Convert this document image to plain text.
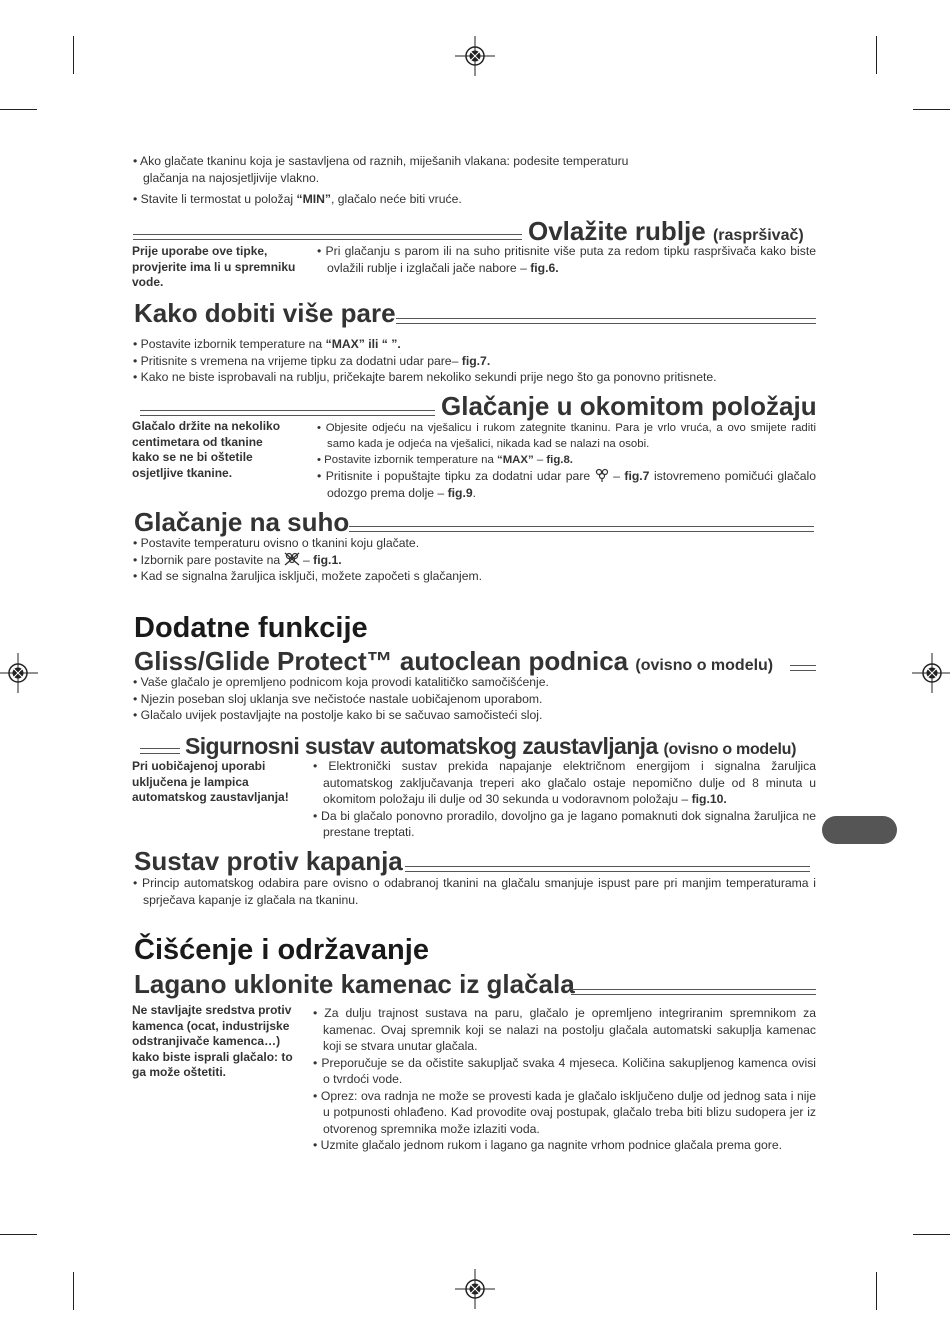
• Ako glačate tkaninu koja je sastavljena od raznih, miješanih vlakana: podesite temperaturu glačanja na najosjetljivije vlakno.

• Stavite li termostat u položaj “MIN”, glačalo neće biti vruće.

Ovlažite rublje (raspršivač)
Prije uporabe ove tipke, provjerite ima li u spremniku vode.

• Pri glačanju s parom ili na suho pritisnite više puta za redom tipku raspršivača kako biste ovlažili rublje i izglačali jače nabore – fig.6.

Kako dobiti više pare

• Postavite izbornik temperature na “MAX” ili “ ”.

• Pritisnite s vremena na vrijeme tipku za dodatni udar pare– fig.7.

• Kako ne biste isprobavali na rublju, pričekajte barem nekoliko sekundi prije nego što ga ponovno pritisnete.

Glačanje u okomitom položaju
Glačalo držite na nekoliko centimetara od tkanine kako se ne bi oštetile osjetljive tkanine.

• Objesite odjeću na vješalicu i rukom zategnite tkaninu. Para je vrlo vruća, a ovo smijete raditi samo kada je odjeća na vješalici, nikada kad se nalazi na osobi.

• Postavite izbornik temperature na “MAX” – fig.8.

• Pritisnite i popuštajte tipku za dodatni udar pare  – fig.7 istovremeno pomičući glačalo odozgo prema dolje – fig.9.

Glačanje na suho

• Postavite temperaturu ovisno o tkanini koju glačate.

• Izbornik pare postavite na  – fig.1.

• Kad se signalna žaruljica isključi, možete započeti s glačanjem.

Dodatne funkcije
Gliss/Glide Protect™ autoclean podnica (ovisno o modelu)

• Vaše glačalo je opremljeno podnicom koja provodi katalitičko samočišćenje.

• Njezin poseban sloj uklanja sve nečistoće nastale uobičajenom uporabom.

• Glačalo uvijek postavljajte na postolje kako bi se sačuvao samočisteći sloj.

Sigurnosni sustav automatskog zaustavljanja (ovisno o modelu)
Pri uobičajenoj uporabi uključena je lampica automatskog zaustavljanja!

• Elektronički sustav prekida napajanje električnom energijom i signalna žaruljica automatskog zaključavanja treperi ako glačalo ostaje nepomično dulje od 8 minuta u okomitom položaju ili dulje od 30 sekunda u vodoravnom položaju – fig.10.

• Da bi glačalo ponovno proradilo, dovoljno ga je lagano pomaknuti dok signalna žaruljica ne prestane treptati.

Sustav protiv kapanja

• Princip automatskog odabira pare ovisno o odabranoj tkanini na glačalu smanjuje ispust pare pri manjim temperaturama i sprječava kapanje iz glačala na tkaninu.

Čišćenje i održavanje
Lagano uklonite kamenac iz glačala
Ne stavljajte sredstva protiv kamenca (ocat, industrijske odstranjivače kamenca…) kako biste isprali glačalo: to ga može oštetiti.

• Za dulju trajnost sustava na paru, glačalo je opremljeno integriranim spremnikom za kamenac. Ovaj spremnik koji se nalazi na postolju glačala automatski sakuplja kamenac koji se stvara unutar glačala.

• Preporučuje se da očistite sakupljač svaka 4 mjeseca. Količina sakupljenog kamenca ovisi o tvrdoći vode.

• Oprez: ova radnja ne može se provesti kada je glačalo isključeno dulje od jednog sata i nije u potpunosti ohlađeno. Kad provodite ovaj postupak, glačalo treba biti blizu sudopera jer iz otvorenog spremnika može izlaziti voda.

• Uzmite glačalo jednom rukom i lagano ga nagnite vrhom podnice glačala prema gore.
